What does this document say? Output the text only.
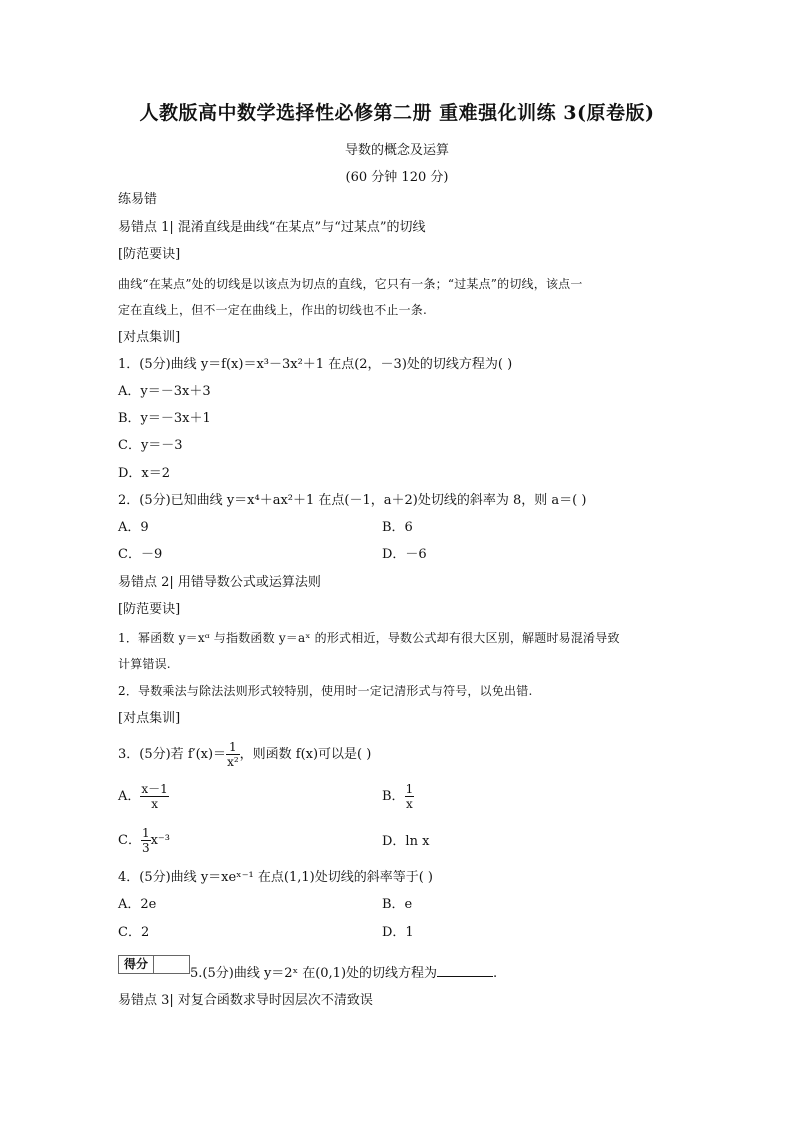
人教版高中数学选择性必修第二册 重难强化训练 3(原卷版)
导数的概念及运算
(60 分钟 120 分)
练易错
易错点 1| 混淆直线是曲线“在某点”与“过某点”的切线
[防范要诀]
曲线“在某点”处的切线是以该点为切点的直线，它只有一条；“过某点”的切线，该点一
定在直线上，但不一定在曲线上，作出的切线也不止一条.
[对点集训]
1．(5分)曲线 y＝f(x)＝x³－3x²＋1 在点(2，－3)处的切线方程为( )
A．y＝－3x＋3
B．y＝－3x＋1
C．y＝－3
D．x＝2
2．(5分)已知曲线 y＝x⁴＋ax²＋1 在点(－1，a＋2)处切线的斜率为 8，则 a＝( )
A．9	B．6
C．－9	D．－6
易错点 2| 用错导数公式或运算法则
[防范要诀]
1．幂函数 y＝xᵅ 与指数函数 y＝aˣ 的形式相近，导数公式却有很大区别，解题时易混淆导致
计算错误.
2．导数乘法与除法法则形式较特别，使用时一定记清形式与符号，以免出错.
[对点集训]
3．(5分)若 $f'(x)= \frac{1}{\text{x²}}$ ，则函数 f(x)可以是( )
A． $\frac{x-1}{x}$	B． $\frac{1}{x}$
C． $\frac{1}{3} x^{-3}$	D．ln x
4．(5分)曲线 y＝xeˣ⁻¹ 在点(1,1)处切线的斜率等于( )
A．2e	B．e
C．2	D．1
得分
5.(5分)曲线 y＝2ˣ 在(0,1)处的切线方程为	.
易错点 3| 对复合函数求导时因层次不清致误
